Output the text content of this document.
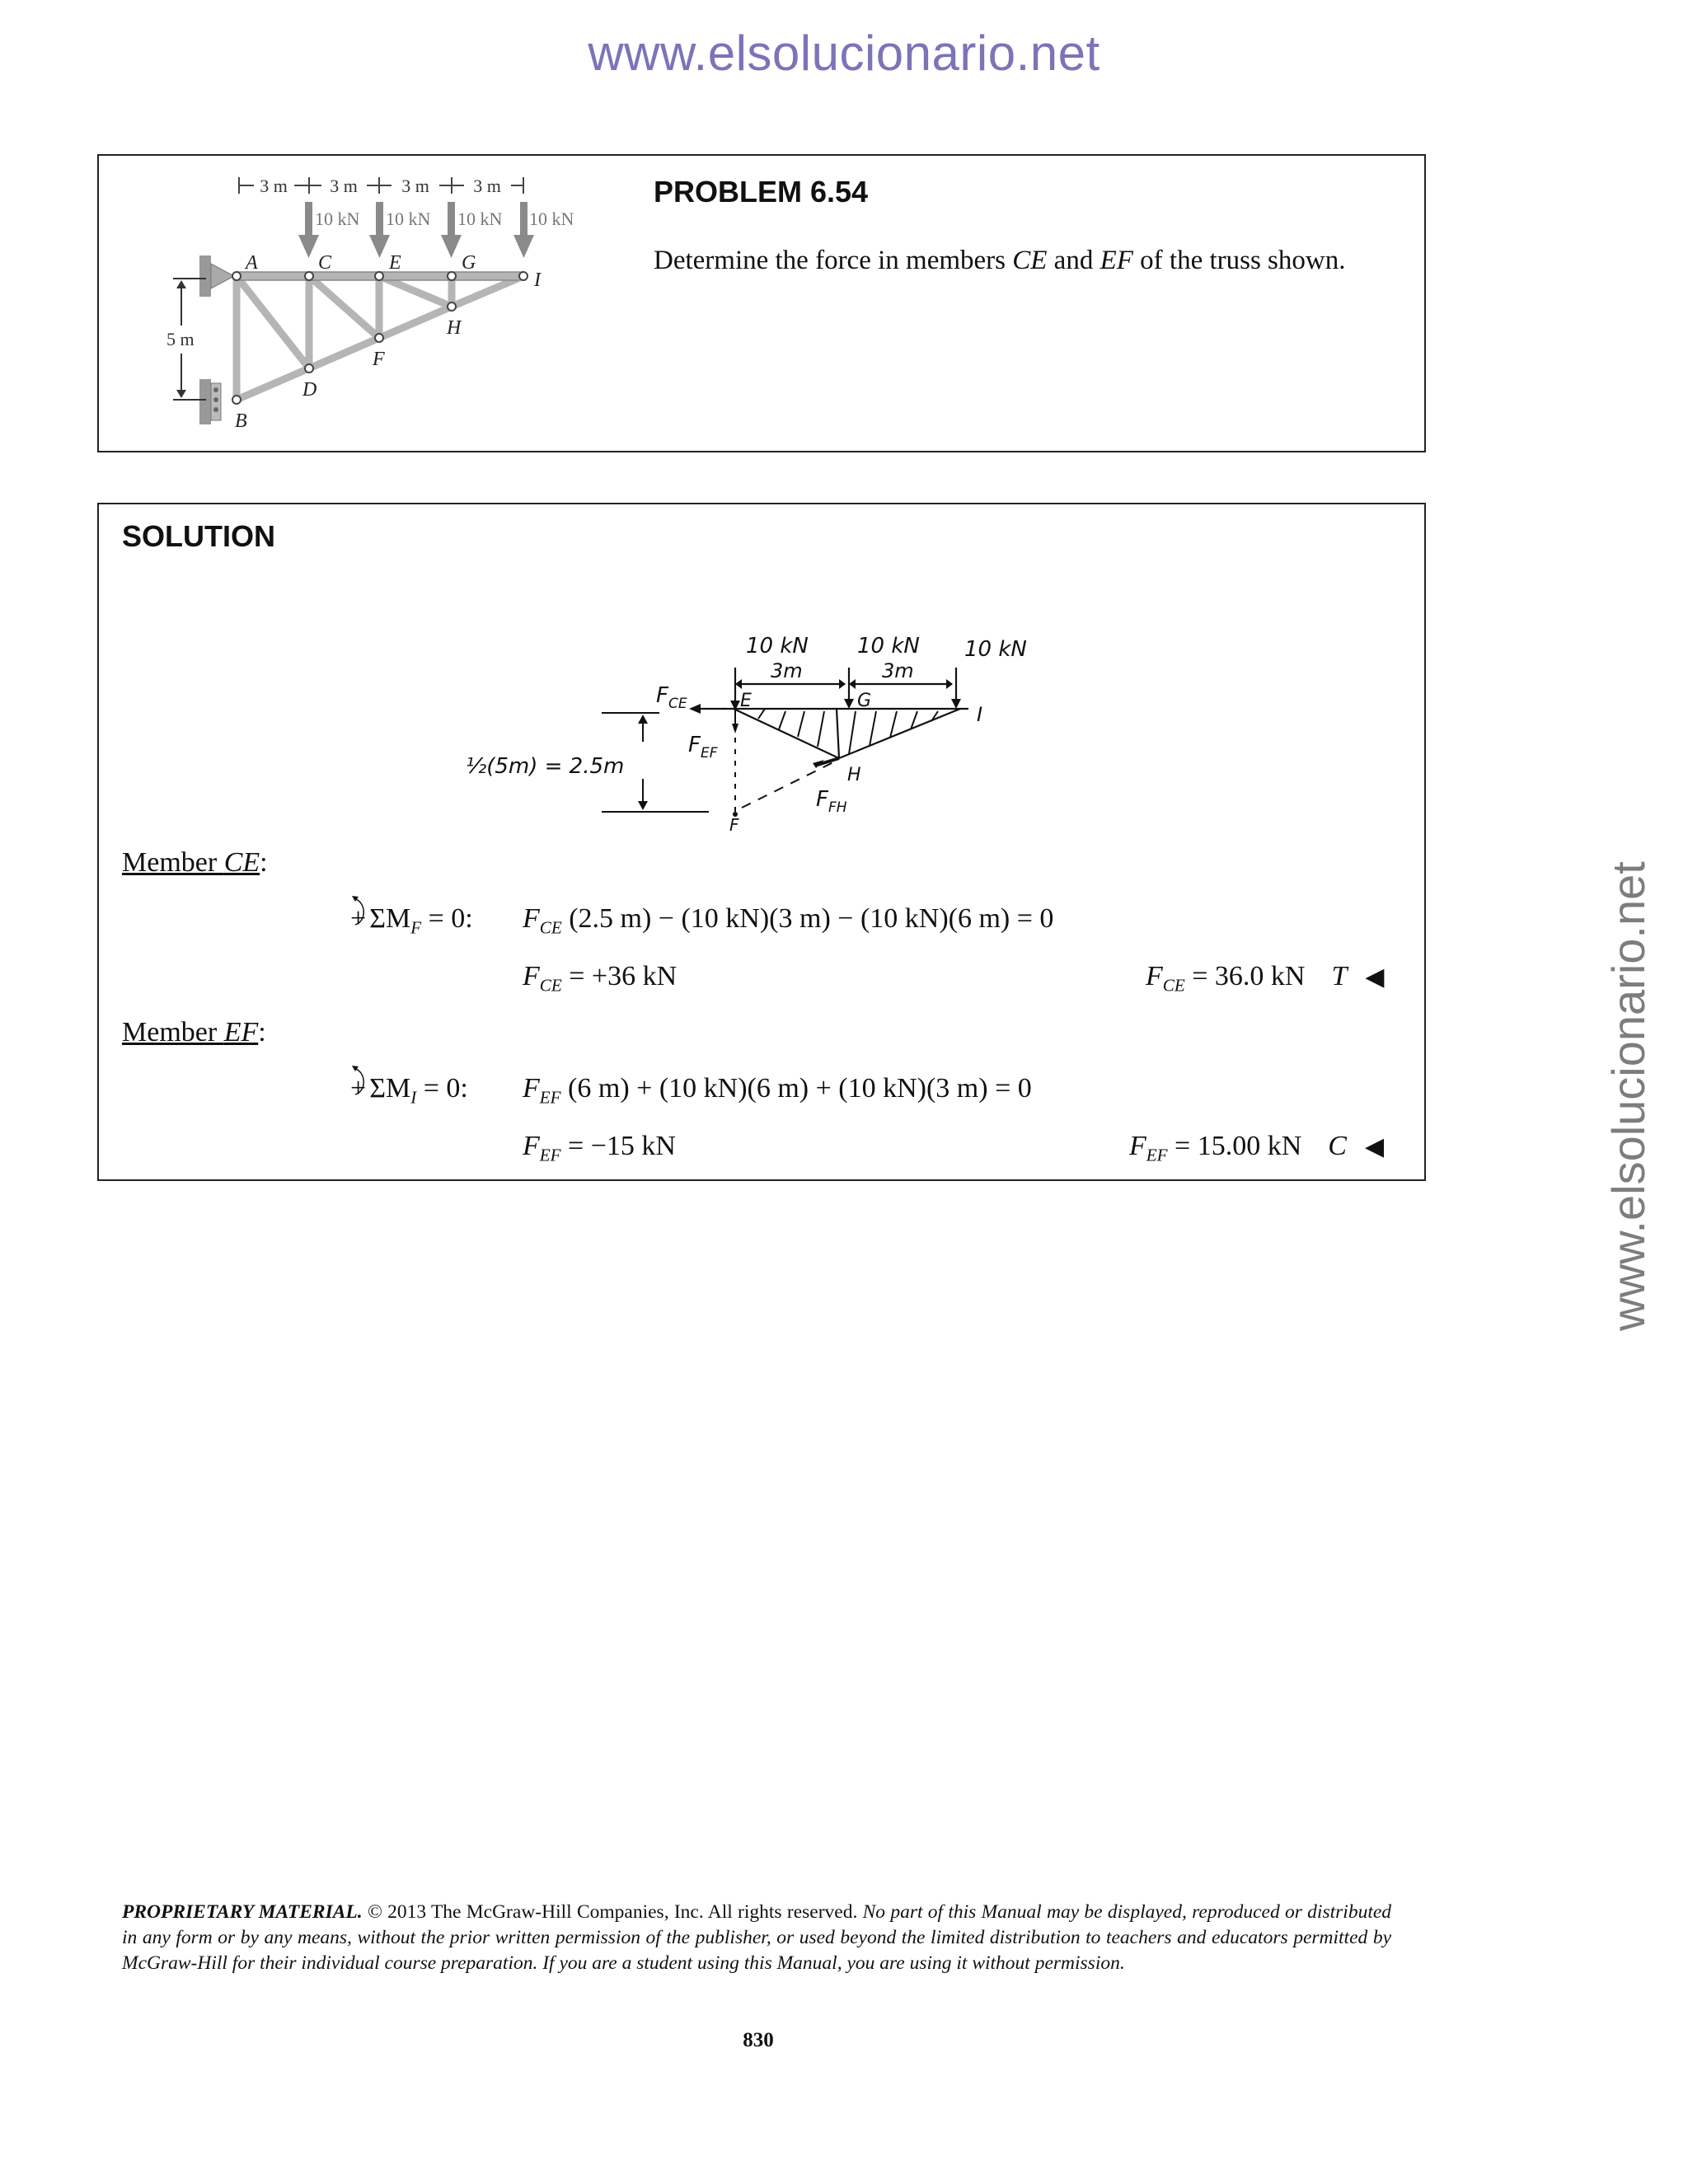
www.elsolucionario.net
www.elsolucionario.net
3 m 3 m 3 m 3 m
10 kN 10 kN 10 kN 10 kN
A
B
C
D
E
F
G
H
I
5 m
PROBLEM 6.54
Determine the force in members CE and EF of the truss shown.
SOLUTION
10 kN 10 kN 10 kN
3m	3m
½(5m) = 2.5m
$F_{CE}$
$F_{EF}$
$F_{FH}$
E	G
I
H
F
Member CE:
+ $\Sigma M_F = 0$: $F_{CE}$ (2.5 m) − (10 kN)(3 m) − (10 kN)(6 m) = 0
$F_{CE} = +36$ kN	$F_{CE} = 36.0$ kN T ◀
Member EF:
+ $\Sigma M_I = 0$: $F_{EF}$ (6 m) + (10 kN)(6 m) + (10 kN)(3 m) = 0
$F_{EF} = -15$ kN	$F_{EF} = 15.00$ kN C ◀
PROPRIETARY MATERIAL. © 2013 The McGraw-Hill Companies, Inc. All rights reserved. No part of this Manual may be displayed, reproduced or distributed in any form or by any means, without the prior written permission of the publisher, or used beyond the limited distribution to teachers and educators permitted by McGraw-Hill for their individual course preparation. If you are a student using this Manual, you are using it without permission.
830
